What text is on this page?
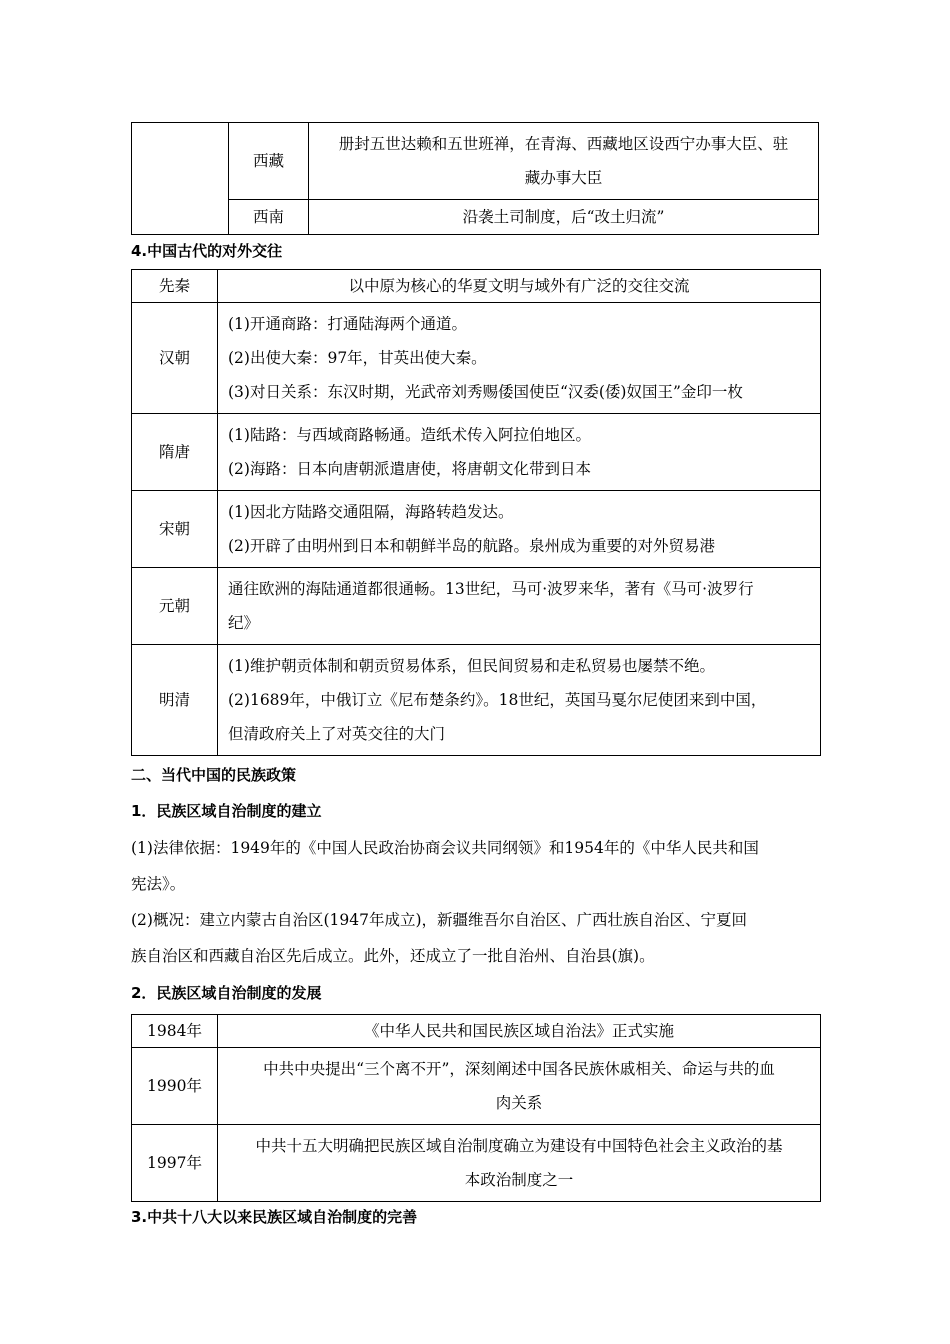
	西藏	册封五世达赖和五世班禅，在青海、西藏地区设西宁办事大臣、驻
藏办事大臣

	西南	沿袭土司制度，后“改土归流”
4.中国古代的对外交往
先秦	以中原为核心的华夏文明与域外有广泛的交往交流

汉朝	(1)开通商路：打通陆海两个通道。
(2)出使大秦：97年，甘英出使大秦。
(3)对日关系：东汉时期，光武帝刘秀赐倭国使臣“汉委(倭)奴国王”金印一枚

隋唐	(1)陆路：与西域商路畅通。造纸术传入阿拉伯地区。
(2)海路：日本向唐朝派遣唐使，将唐朝文化带到日本

宋朝	(1)因北方陆路交通阻隔，海路转趋发达。
(2)开辟了由明州到日本和朝鲜半岛的航路。泉州成为重要的对外贸易港

元朝	通往欧洲的海陆通道都很通畅。13世纪，马可·波罗来华，著有《马可·波罗行
纪》

明清	(1)维护朝贡体制和朝贡贸易体系，但民间贸易和走私贸易也屡禁不绝。
(2)1689年，中俄订立《尼布楚条约》。18世纪，英国马戛尔尼使团来到中国，
但清政府关上了对英交往的大门
二、当代中国的民族政策
1．民族区域自治制度的建立

(1)法律依据：1949年的《中国人民政治协商会议共同纲领》和1954年的《中华人民共和国
宪法》。

(2)概况：建立内蒙古自治区(1947年成立)，新疆维吾尔自治区、广西壮族自治区、宁夏回
族自治区和西藏自治区先后成立。此外，还成立了一批自治州、自治县(旗)。

2．民族区域自治制度的发展
1984年	《中华人民共和国民族区域自治法》正式实施

1990年	中共中央提出“三个离不开”，深刻阐述中国各民族休戚相关、命运与共的血
肉关系

1997年	中共十五大明确把民族区域自治制度确立为建设有中国特色社会主义政治的基
本政治制度之一
3.中共十八大以来民族区域自治制度的完善
